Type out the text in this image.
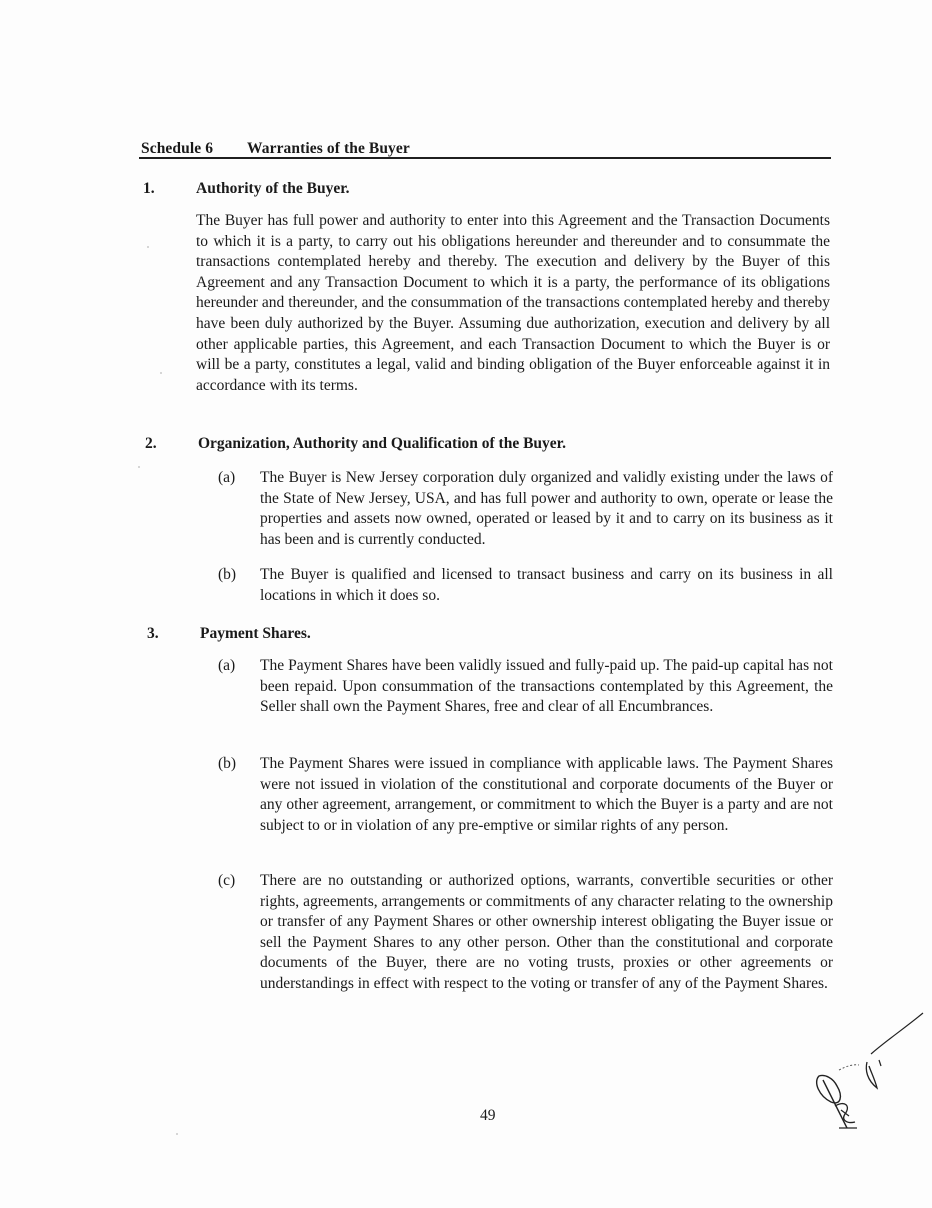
Schedule 6 Warranties of the Buyer
1.	Authority of the Buyer.
The Buyer has full power and authority to enter into this Agreement and the Transaction Documents to which it is a party, to carry out his obligations hereunder and thereunder and to consummate the transactions contemplated hereby and thereby. The execution and delivery by the Buyer of this Agreement and any Transaction Document to which it is a party, the performance of its obligations hereunder and thereunder, and the consummation of the transactions contemplated hereby and thereby have been duly authorized by the Buyer. Assuming due authorization, execution and delivery by all other applicable parties, this Agreement, and each Transaction Document to which the Buyer is or will be a party, constitutes a legal, valid and binding obligation of the Buyer enforceable against it in accordance with its terms.
2.	Organization, Authority and Qualification of the Buyer.
(a) The Buyer is New Jersey corporation duly organized and validly existing under the laws of the State of New Jersey, USA, and has full power and authority to own, operate or lease the properties and assets now owned, operated or leased by it and to carry on its business as it has been and is currently conducted.
(b) The Buyer is qualified and licensed to transact business and carry on its business in all locations in which it does so.
3.	Payment Shares.
(a) The Payment Shares have been validly issued and fully-paid up. The paid-up capital has not been repaid. Upon consummation of the transactions contemplated by this Agreement, the Seller shall own the Payment Shares, free and clear of all Encumbrances.
(b) The Payment Shares were issued in compliance with applicable laws. The Payment Shares were not issued in violation of the constitutional and corporate documents of the Buyer or any other agreement, arrangement, or commitment to which the Buyer is a party and are not subject to or in violation of any pre-emptive or similar rights of any person.
(c) There are no outstanding or authorized options, warrants, convertible securities or other rights, agreements, arrangements or commitments of any character relating to the ownership or transfer of any Payment Shares or other ownership interest obligating the Buyer issue or sell the Payment Shares to any other person. Other than the constitutional and corporate documents of the Buyer, there are no voting trusts, proxies or other agreements or understandings in effect with respect to the voting or transfer of any of the Payment Shares.
49
